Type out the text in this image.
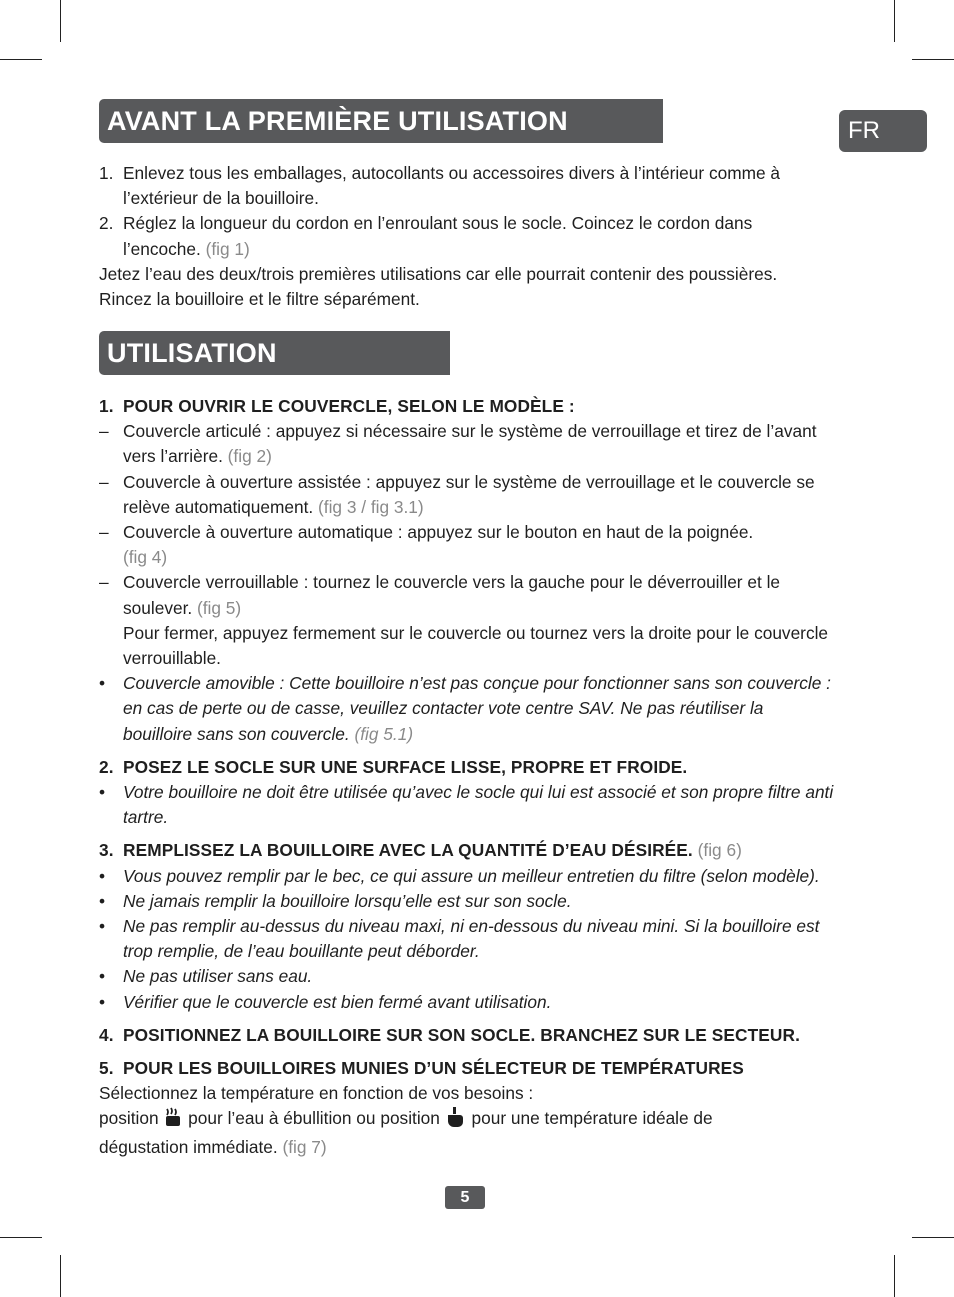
FR
AVANT LA PREMIÈRE UTILISATION
1. Enlevez tous les emballages, autocollants ou accessoires divers à l’intérieur comme à l’extérieur de la bouilloire.
2. Réglez la longueur du cordon en l’enroulant sous le socle. Coincez le cordon dans l’encoche. (fig 1)
Jetez l’eau des deux/trois premières utilisations car elle pourrait contenir des poussières.
Rincez la bouilloire et le filtre séparément.
UTILISATION
1. POUR OUVRIR LE COUVERCLE, SELON LE MODÈLE :
– Couvercle articulé : appuyez si nécessaire sur le système de verrouillage et tirez de l’avant vers l’arrière. (fig 2)
– Couvercle à ouverture assistée : appuyez sur le système de verrouillage et le couvercle se relève automatiquement. (fig 3 / fig 3.1)
– Couvercle à ouverture automatique : appuyez sur le bouton en haut de la poignée.
(fig 4)
– Couvercle verrouillable : tournez le couvercle vers la gauche pour le déverrouiller et le soulever. (fig 5)
Pour fermer, appuyez fermement sur le couvercle ou tournez vers la droite pour le couvercle verrouillable.
•	Couvercle amovible : Cette bouilloire n’est pas conçue pour fonctionner sans son couvercle : en cas de perte ou de casse, veuillez contacter vote centre SAV. Ne pas réutiliser la bouilloire sans son couvercle. (fig 5.1)
2. POSEZ LE SOCLE SUR UNE SURFACE LISSE, PROPRE ET FROIDE.
•	Votre bouilloire ne doit être utilisée qu’avec le socle qui lui est associé et son propre filtre anti tartre.
3. REMPLISSEZ LA BOUILLOIRE AVEC LA QUANTITÉ D’EAU DÉSIRÉE. (fig 6)
•	Vous pouvez remplir par le bec, ce qui assure un meilleur entretien du filtre (selon modèle).
•	Ne jamais remplir la bouilloire lorsqu’elle est sur son socle.
•	Ne pas remplir au-dessus du niveau maxi, ni en-dessous du niveau mini. Si la bouilloire est trop remplie, de l’eau bouillante peut déborder.
•	Ne pas utiliser sans eau.
•	Vérifier que le couvercle est bien fermé avant utilisation.
4. POSITIONNEZ LA BOUILLOIRE SUR SON SOCLE. BRANCHEZ SUR LE SECTEUR.
5. POUR LES BOUILLOIRES MUNIES D’UN SÉLECTEUR DE TEMPÉRATURES
Sélectionnez la température en fonction de vos besoins :
position  pour l’eau à ébullition ou position  pour une température idéale de
dégustation immédiate. (fig 7)
5
